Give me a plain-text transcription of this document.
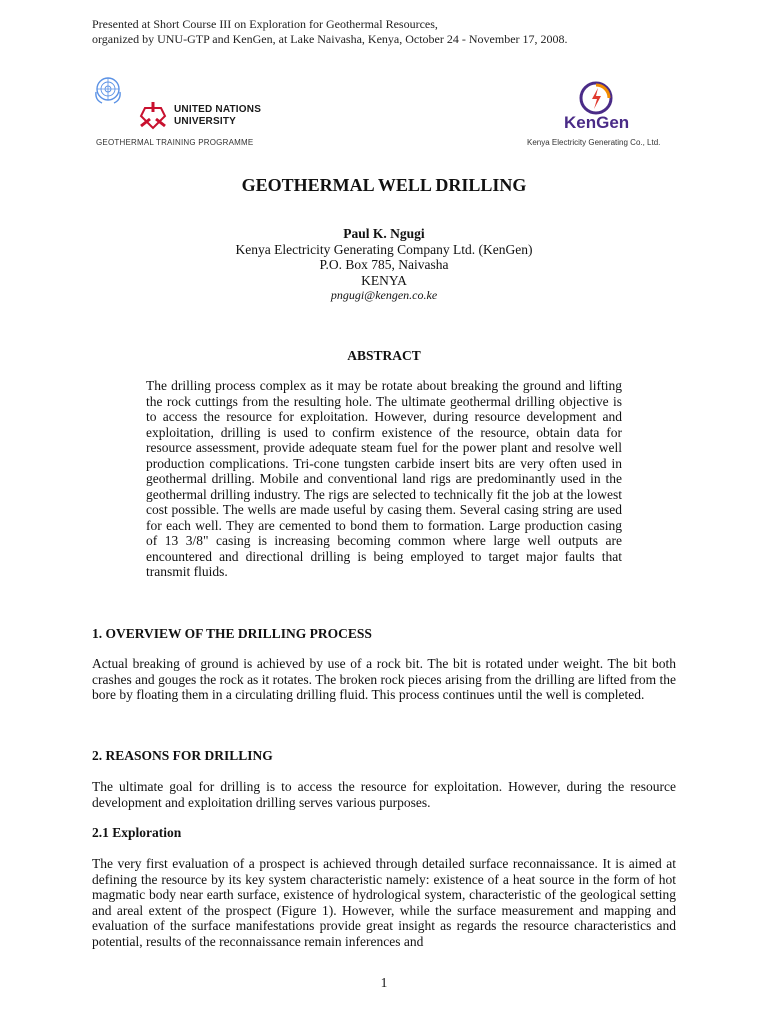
Presented at Short Course III on Exploration for Geothermal Resources,
organized by UNU-GTP and KenGen, at Lake Naivasha, Kenya, October 24 - November 17, 2008.
UNITED NATIONS
UNIVERSITY
GEOTHERMAL TRAINING PROGRAMME
KenGen
Kenya Electricity Generating Co., Ltd.
GEOTHERMAL WELL DRILLING
Paul K. Ngugi
Kenya Electricity Generating Company Ltd. (KenGen)
P.O. Box 785, Naivasha
KENYA
pngugi@kengen.co.ke
ABSTRACT
The drilling process complex as it may be rotate about breaking the ground and lifting the rock cuttings from the resulting hole. The ultimate geothermal drilling objective is to access the resource for exploitation. However, during resource development and exploitation, drilling is used to confirm existence of the resource, obtain data for resource assessment, provide adequate steam fuel for the power plant and resolve well production complications. Tri-cone tungsten carbide insert bits are very often used in geothermal drilling. Mobile and conventional land rigs are predominantly used in the geothermal drilling industry. The rigs are selected to technically fit the job at the lowest cost possible. The wells are made useful by casing them. Several casing string are used for each well. They are cemented to bond them to formation. Large production casing of 13 3/8" casing is increasing becoming common where large well outputs are encountered and directional drilling is being employed to target major faults that transmit fluids.
1. OVERVIEW OF THE DRILLING PROCESS
Actual breaking of ground is achieved by use of a rock bit. The bit is rotated under weight. The bit both crashes and gouges the rock as it rotates. The broken rock pieces arising from the drilling are lifted from the bore by floating them in a circulating drilling fluid. This process continues until the well is completed.
2. REASONS FOR DRILLING
The ultimate goal for drilling is to access the resource for exploitation. However, during the resource development and exploitation drilling serves various purposes.
2.1 Exploration
The very first evaluation of a prospect is achieved through detailed surface reconnaissance. It is aimed at defining the resource by its key system characteristic namely: existence of a heat source in the form of hot magmatic body near earth surface, existence of hydrological system, characteristic of the geological setting and areal extent of the prospect (Figure 1). However, while the surface measurement and mapping and evaluation of the surface manifestations provide great insight as regards the resource characteristics and potential, results of the reconnaissance remain inferences and
1
